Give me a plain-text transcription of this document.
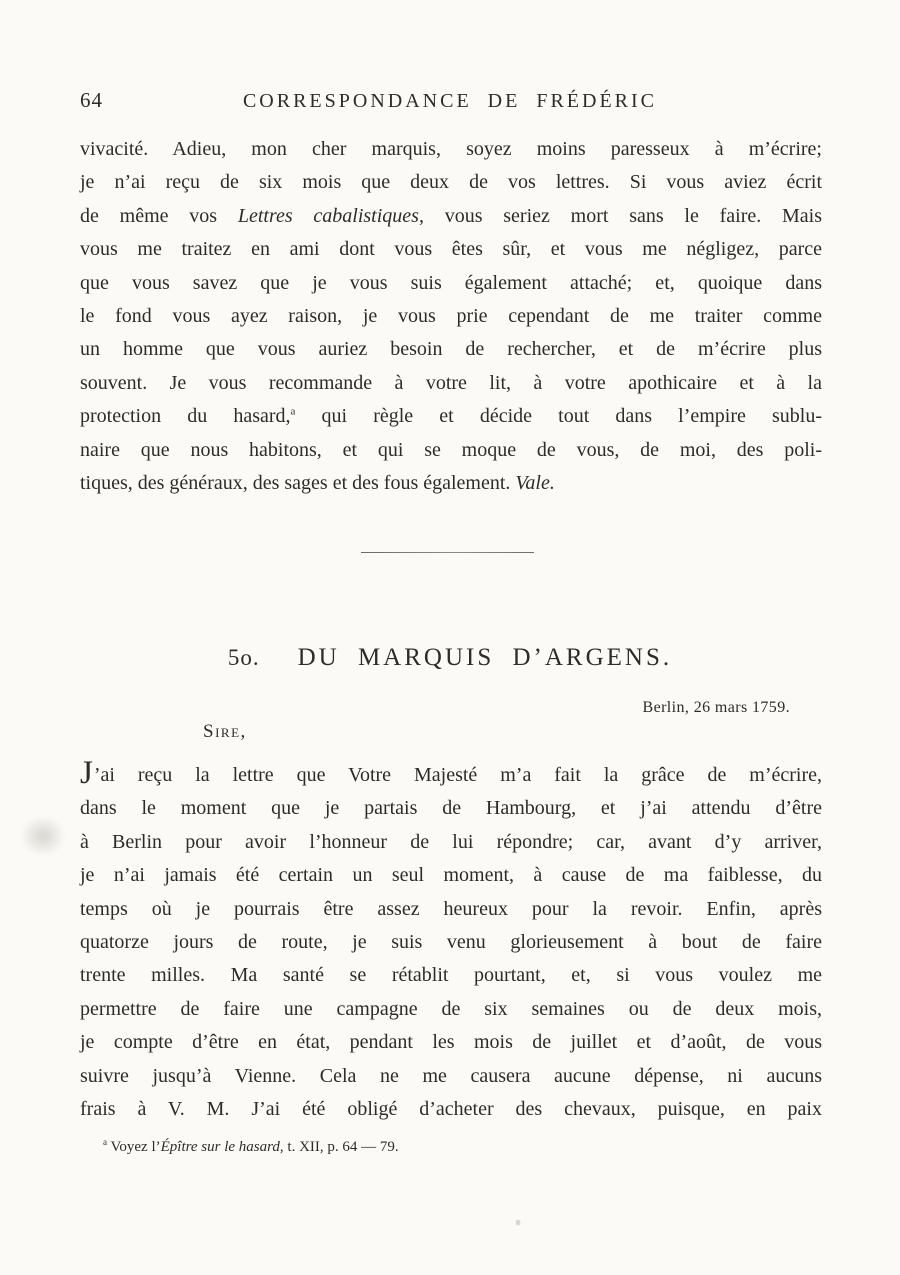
64	CORRESPONDANCE DE FRÉDÉRIC
vivacité. Adieu, mon cher marquis, soyez moins paresseux à m’écrire;
je n’ai reçu de six mois que deux de vos lettres. Si vous aviez écrit
de même vos Lettres cabalistiques, vous seriez mort sans le faire. Mais
vous me traitez en ami dont vous êtes sûr, et vous me négligez, parce
que vous savez que je vous suis également attaché; et, quoique dans
le fond vous ayez raison, je vous prie cependant de me traiter comme
un homme que vous auriez besoin de rechercher, et de m’écrire plus
souvent. Je vous recommande à votre lit, à votre apothicaire et à la
protection du hasard,$^a$ qui règle et décide tout dans l’empire sublu-
naire que nous habitons, et qui se moque de vous, de moi, des poli-
tiques, des généraux, des sages et des fous également. Vale.
5o. DU MARQUIS D’ARGENS.
Berlin, 26 mars 1759.
Sire,
J’ai reçu la lettre que Votre Majesté m’a fait la grâce de m’écrire,
dans le moment que je partais de Hambourg, et j’ai attendu d’être
à Berlin pour avoir l’honneur de lui répondre; car, avant d’y arriver,
je n’ai jamais été certain un seul moment, à cause de ma faiblesse, du
temps où je pourrais être assez heureux pour la revoir. Enfin, après
quatorze jours de route, je suis venu glorieusement à bout de faire
trente milles. Ma santé se rétablit pourtant, et, si vous voulez me
permettre de faire une campagne de six semaines ou de deux mois,
je compte d’être en état, pendant les mois de juillet et d’août, de vous
suivre jusqu’à Vienne. Cela ne me causera aucune dépense, ni aucuns
frais à V. M. J’ai été obligé d’acheter des chevaux, puisque, en paix
$^a$ Voyez l’Épître sur le hasard, t. XII, p. 64 — 79.
